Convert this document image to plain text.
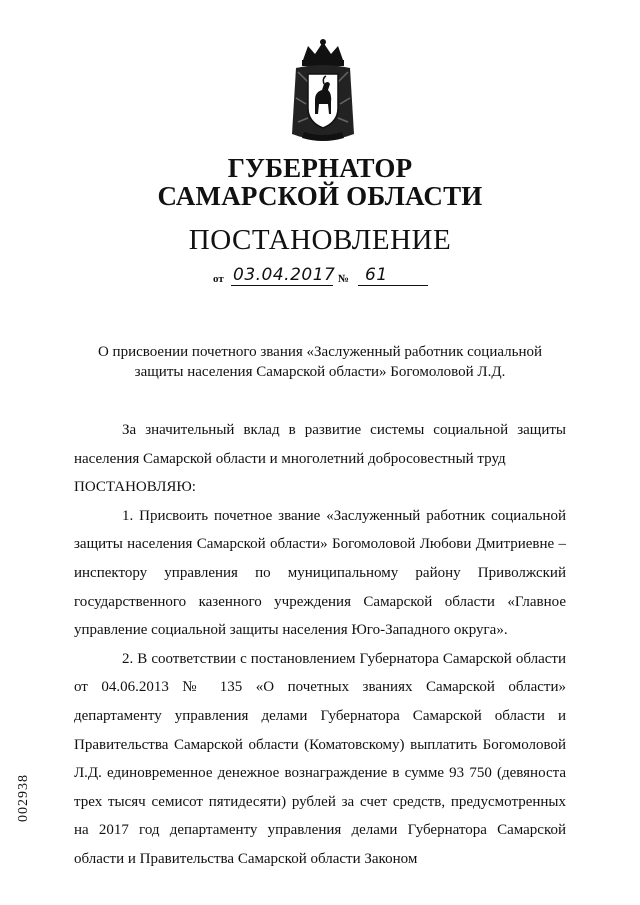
ГУБЕРНАТОР
САМАРСКОЙ ОБЛАСТИ
ПОСТАНОВЛЕНИЕ
от 03.04.2017 № 61
О присвоении почетного звания «Заслуженный работник социальной
защиты населения Самарской области» Богомоловой Л.Д.

За значительный вклад в развитие системы социальной защиты населения Самарской области и многолетний добросовестный труд

ПОСТАНОВЛЯЮ:

1. Присвоить почетное звание «Заслуженный работник социальной защиты населения Самарской области» Богомоловой Любови Дмитриевне – инспектору управления по муниципальному району Приволжский государственного казенного учреждения Самарской области «Главное управление социальной защиты населения Юго-Западного округа».

2. В соответствии с постановлением Губернатора Самарской области от 04.06.2013 № 135 «О почетных званиях Самарской области» департаменту управления делами Губернатора Самарской области и Правительства Самарской области (Коматовскому) выплатить Богомоловой Л.Д. единовременное денежное вознаграждение в сумме 93 750 (девяноста трех тысяч семисот пятидесяти) рублей за счет средств, предусмотренных на 2017 год департаменту управления делами Губернатора Самарской области и Правительства Самарской области Законом

002938
